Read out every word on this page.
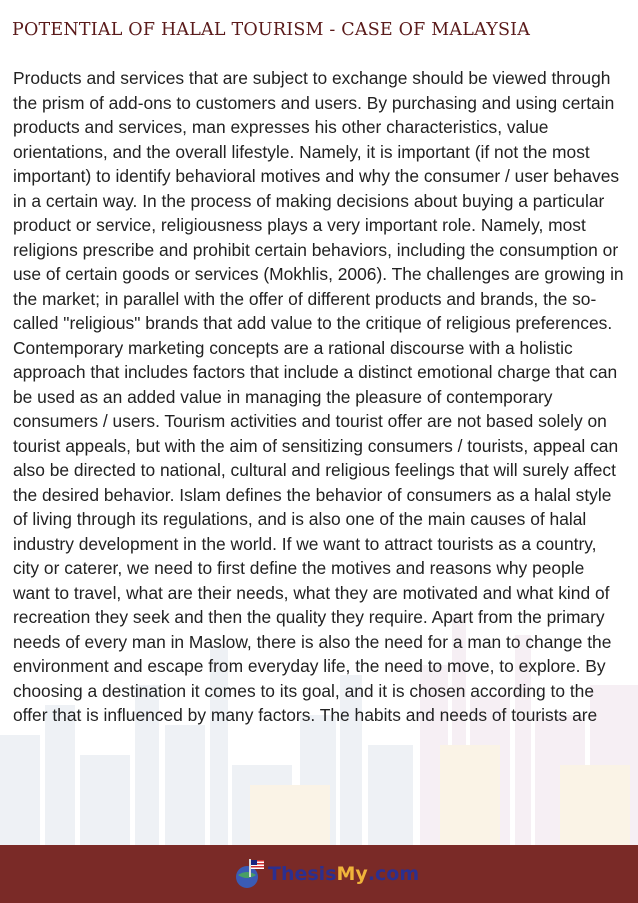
POTENTIAL OF HALAL TOURISM - CASE OF MALAYSIA

Products and services that are subject to exchange should be viewed through the prism of add-ons to customers and users. By purchasing and using certain products and services, man expresses his other characteristics, value orientations, and the overall lifestyle. Namely, it is important (if not the most important) to identify behavioral motives and why the consumer / user behaves in a certain way. In the process of making decisions about buying a particular product or service, religiousness plays a very important role. Namely, most religions prescribe and prohibit certain behaviors, including the consumption or use of certain goods or services (Mokhlis, 2006). The challenges are growing in the market; in parallel with the offer of different products and brands, the so-called "religious" brands that add value to the critique of religious preferences. Contemporary marketing concepts are a rational discourse with a holistic approach that includes factors that include a distinct emotional charge that can be used as an added value in managing the pleasure of contemporary consumers / users. Tourism activities and tourist offer are not based solely on tourist appeals, but with the aim of sensitizing consumers / tourists, appeal can also be directed to national, cultural and religious feelings that will surely affect the desired behavior. Islam defines the behavior of consumers as a halal style of living through its regulations, and is also one of the main causes of halal industry development in the world. If we want to attract tourists as a country, city or caterer, we need to first define the motives and reasons why people want to travel, what are their needs, what they are motivated and what kind of recreation they seek and then the quality they require. Apart from the primary needs of every man in Maslow, there is also the need for a man to change the environment and escape from everyday life, the need to move, to explore. By choosing a destination it comes to its goal, and it is chosen according to the offer that is influenced by many factors. The habits and needs of tourists are

Thesis My .com
